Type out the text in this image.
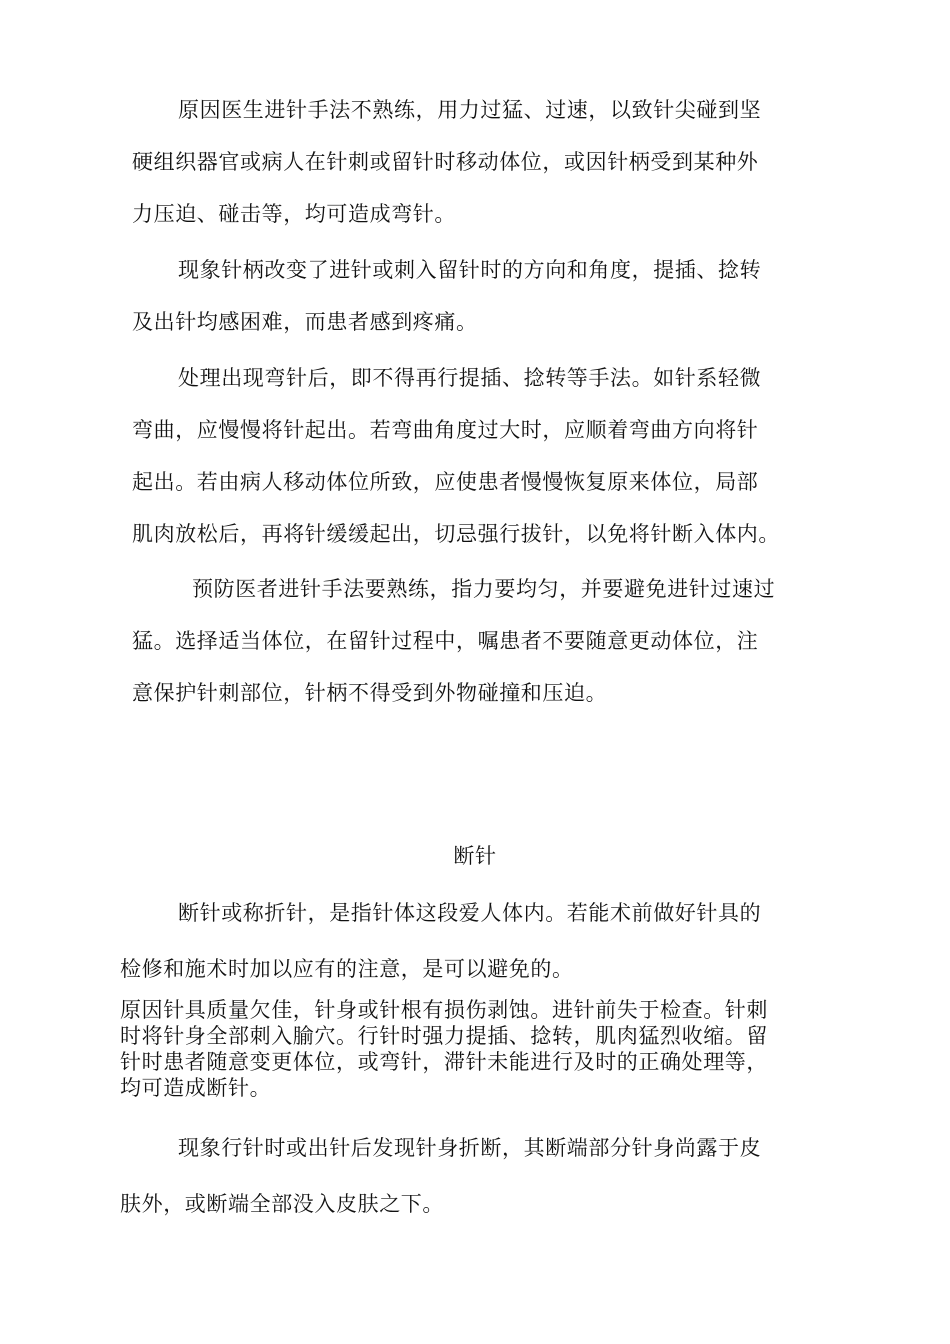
原因医生进针手法不熟练，用力过猛、过速，以致针尖碰到坚
硬组织器官或病人在针刺或留针时移动体位，或因针柄受到某种外
力压迫、碰击等，均可造成弯针。

现象针柄改变了进针或刺入留针时的方向和角度，提插、捻转
及出针均感困难，而患者感到疼痛。

处理出现弯针后，即不得再行提插、捻转等手法。如针系轻微
弯曲，应慢慢将针起出。若弯曲角度过大时，应顺着弯曲方向将针
起出。若由病人移动体位所致，应使患者慢慢恢复原来体位，局部
肌肉放松后，再将针缓缓起出，切忌强行拔针，以免将针断入体内。

预防医者进针手法要熟练，指力要均匀，并要避免进针过速过
猛。选择适当体位，在留针过程中，嘱患者不要随意更动体位，注
意保护针刺部位，针柄不得受到外物碰撞和压迫。

断针

断针或称折针，是指针体这段爱人体内。若能术前做好针具的
检修和施术时加以应有的注意，是可以避免的。

原因针具质量欠佳，针身或针根有损伤剥蚀。进针前失于检查。针刺
时将针身全部刺入腧穴。行针时强力提插、捻转，肌肉猛烈收缩。留
针时患者随意变更体位，或弯针，滞针未能进行及时的正确处理等，
均可造成断针。

现象行针时或出针后发现针身折断，其断端部分针身尚露于皮
肤外，或断端全部没入皮肤之下。
